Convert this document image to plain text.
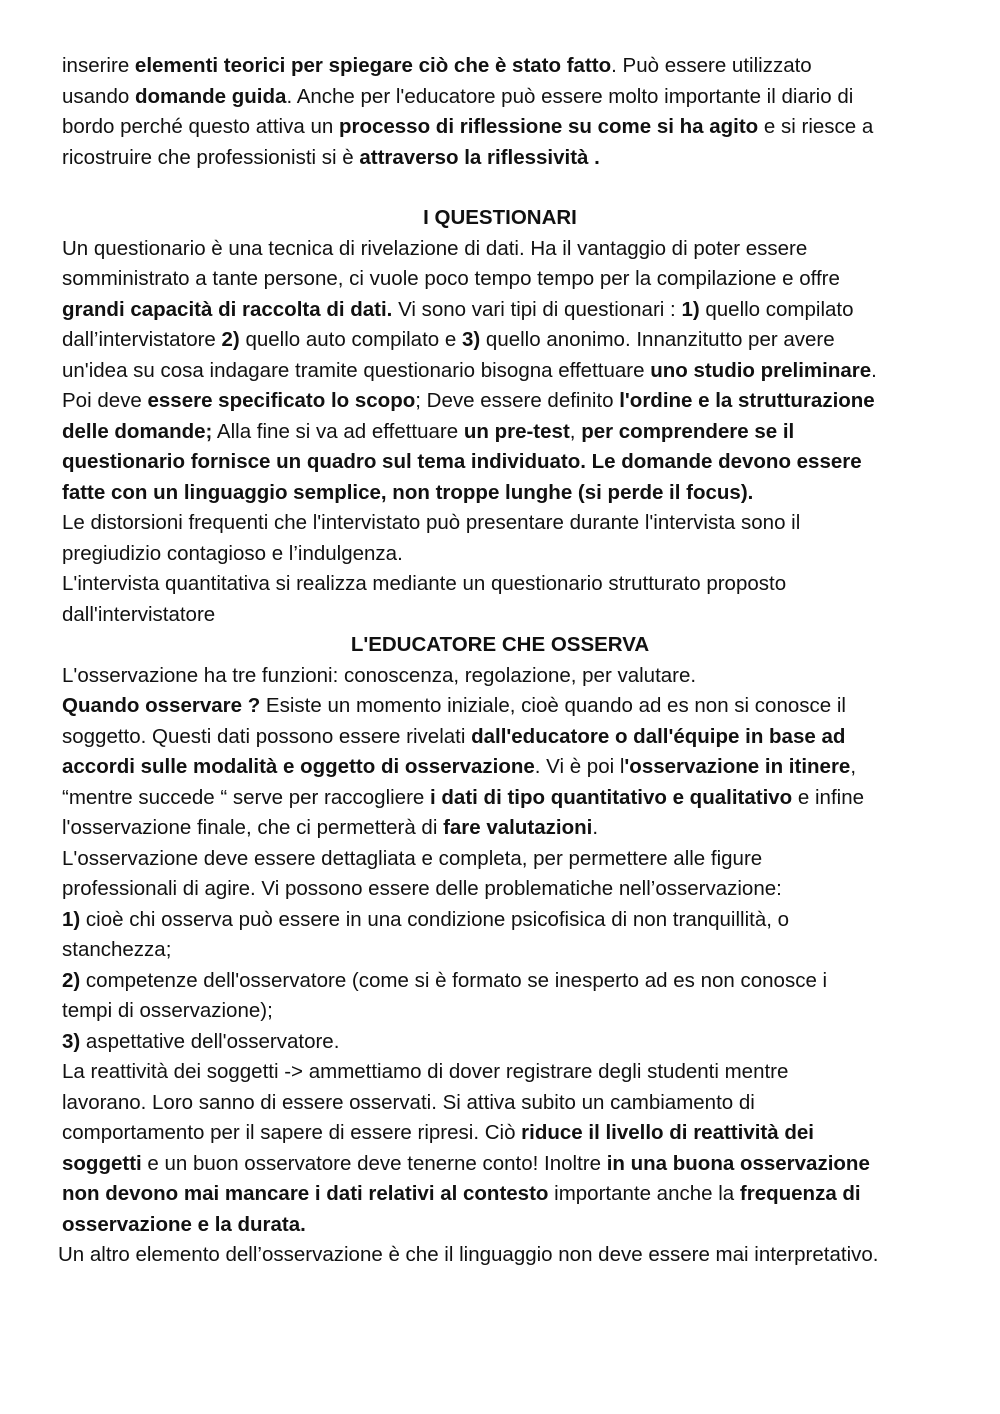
inserire elementi teorici per spiegare ciò che è stato fatto. Può essere utilizzato

usando domande guida. Anche per l'educatore può essere molto importante il diario di

bordo perché questo attiva un processo di riflessione su come si ha agito e si riesce a

ricostruire che professionisti si è attraverso la riflessività .

I QUESTIONARI

Un questionario è una tecnica di rivelazione di dati. Ha il vantaggio di poter essere

somministrato a tante persone, ci vuole poco tempo tempo per la compilazione e offre

grandi capacità di raccolta di dati. Vi sono vari tipi di questionari : 1) quello compilato

dall’intervistatore 2) quello auto compilato e 3) quello anonimo. Innanzitutto per avere

un'idea su cosa indagare tramite questionario bisogna effettuare uno studio preliminare.

Poi deve essere specificato lo scopo; Deve essere definito l'ordine e la strutturazione

delle domande; Alla fine si va ad effettuare un pre-test, per comprendere se il

questionario fornisce un quadro sul tema individuato. Le domande devono essere

fatte con un linguaggio semplice, non troppe lunghe (si perde il focus).

Le distorsioni frequenti che l'intervistato può presentare durante l'intervista sono il

pregiudizio contagioso e l’indulgenza.

L'intervista quantitativa si realizza mediante un questionario strutturato proposto

dall'intervistatore

L'EDUCATORE CHE OSSERVA

L'osservazione ha tre funzioni: conoscenza, regolazione, per valutare.

Quando osservare ? Esiste un momento iniziale, cioè quando ad es non si conosce il

soggetto. Questi dati possono essere rivelati dall'educatore o dall'équipe in base ad

accordi sulle modalità e oggetto di osservazione. Vi è poi l'osservazione in itinere,

“mentre succede “ serve per raccogliere i dati di tipo quantitativo e qualitativo e infine

l'osservazione finale, che ci permetterà di fare valutazioni.

L'osservazione deve essere dettagliata e completa, per permettere alle figure

professionali di agire. Vi possono essere delle problematiche nell’osservazione:

1) cioè chi osserva può essere in una condizione psicofisica di non tranquillità, o

stanchezza;

2) competenze dell'osservatore (come si è formato se inesperto ad es non conosce i

tempi di osservazione);

3) aspettative dell'osservatore.

La reattività dei soggetti -> ammettiamo di dover registrare degli studenti mentre

lavorano. Loro sanno di essere osservati. Si attiva subito un cambiamento di

comportamento per il sapere di essere ripresi. Ciò riduce il livello di reattività dei

soggetti e un buon osservatore deve tenerne conto! Inoltre in una buona osservazione

non devono mai mancare i dati relativi al contesto importante anche la frequenza di

osservazione e la durata.

Un altro elemento dell’osservazione è che il linguaggio non deve essere mai interpretativo.
